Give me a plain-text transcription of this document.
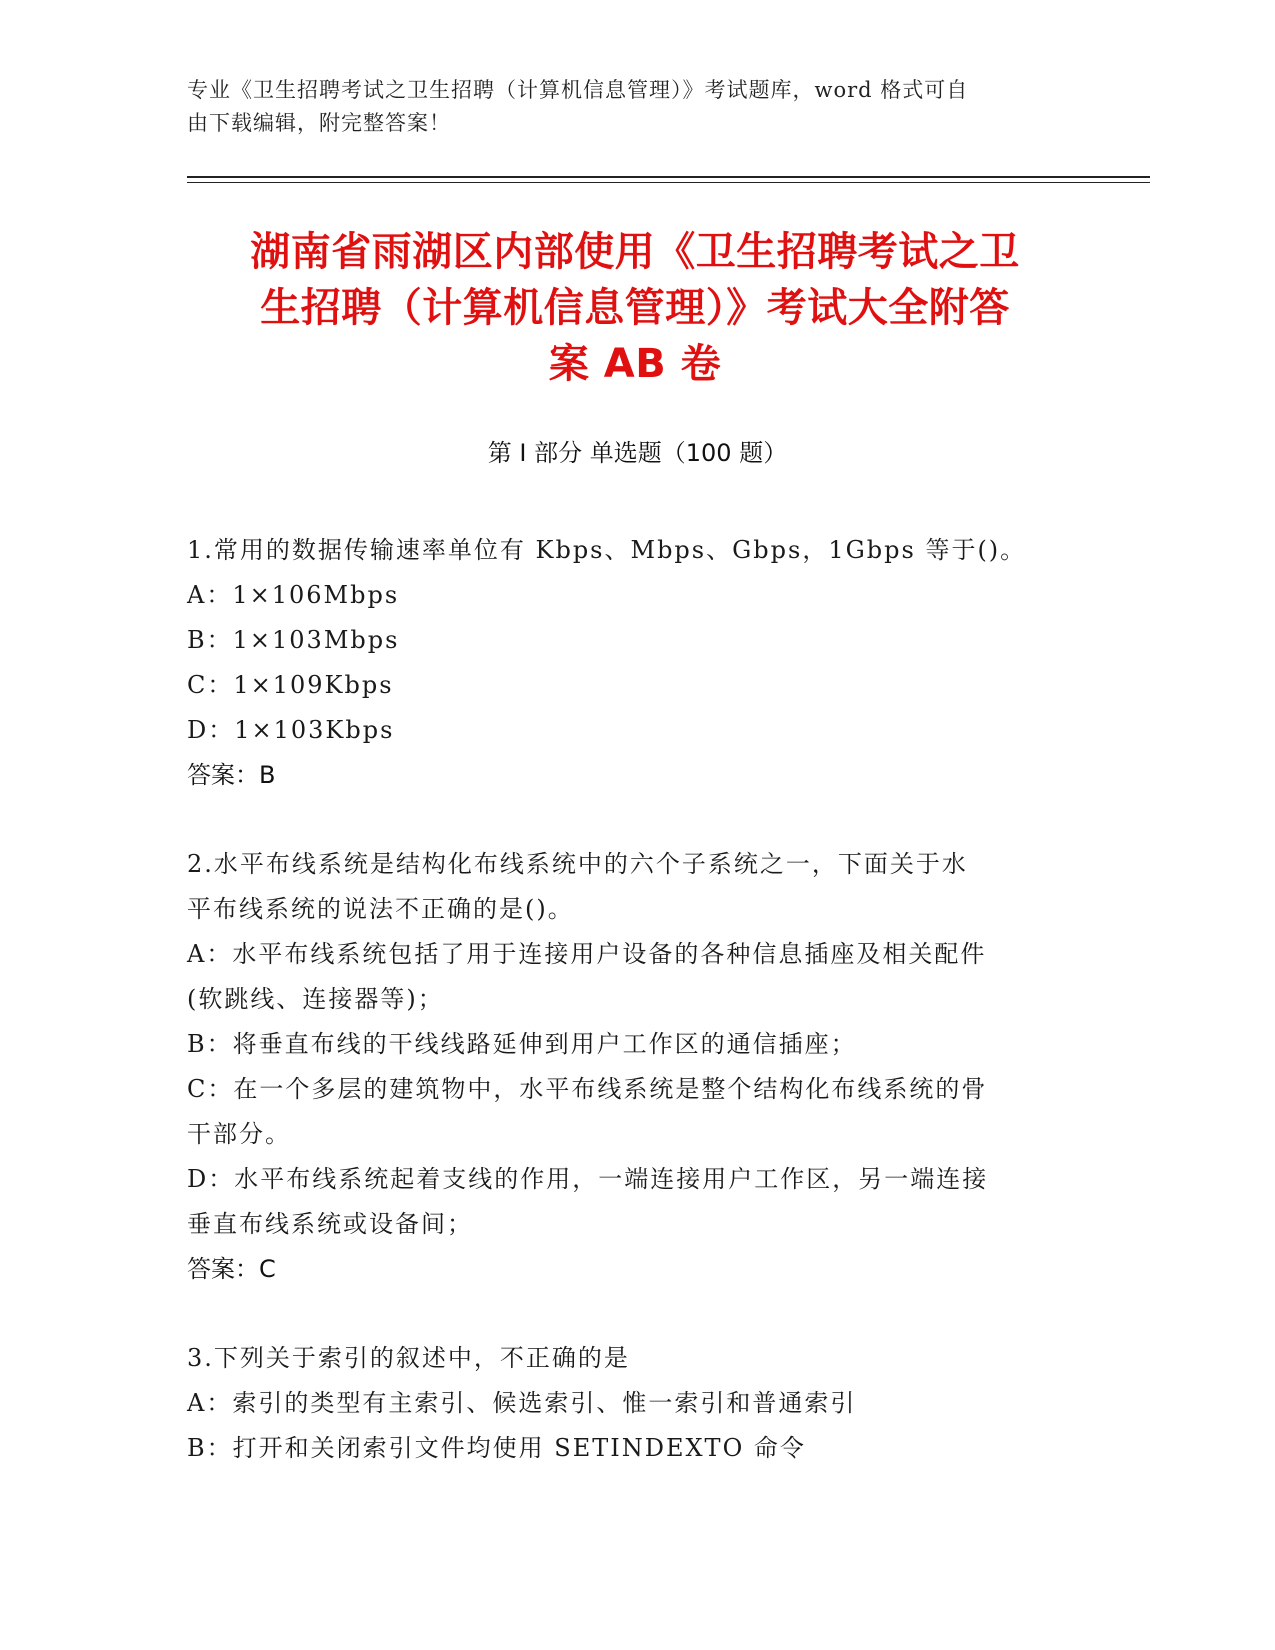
专业《卫生招聘考试之卫生招聘（计算机信息管理）》考试题库，word 格式可自
由下载编辑，附完整答案！
湖南省雨湖区内部使用《卫生招聘考试之卫
生招聘（计算机信息管理）》考试大全附答
案 AB 卷
第 I 部分 单选题（100 题）

1.常用的数据传输速率单位有 Kbps、Mbps、Gbps，1Gbps 等于()。

A：1×106Mbps

B：1×103Mbps

C：1×109Kbps

D：1×103Kbps

答案：B

2.水平布线系统是结构化布线系统中的六个子系统之一，下面关于水

平布线系统的说法不正确的是()。

A：水平布线系统包括了用于连接用户设备的各种信息插座及相关配件

(软跳线、连接器等)；

B：将垂直布线的干线线路延伸到用户工作区的通信插座；

C：在一个多层的建筑物中，水平布线系统是整个结构化布线系统的骨

干部分。

D：水平布线系统起着支线的作用，一端连接用户工作区，另一端连接

垂直布线系统或设备间；

答案：C

3.下列关于索引的叙述中，不正确的是

A：索引的类型有主索引、候选索引、惟一索引和普通索引

B：打开和关闭索引文件均使用 SETINDEXTO 命令
